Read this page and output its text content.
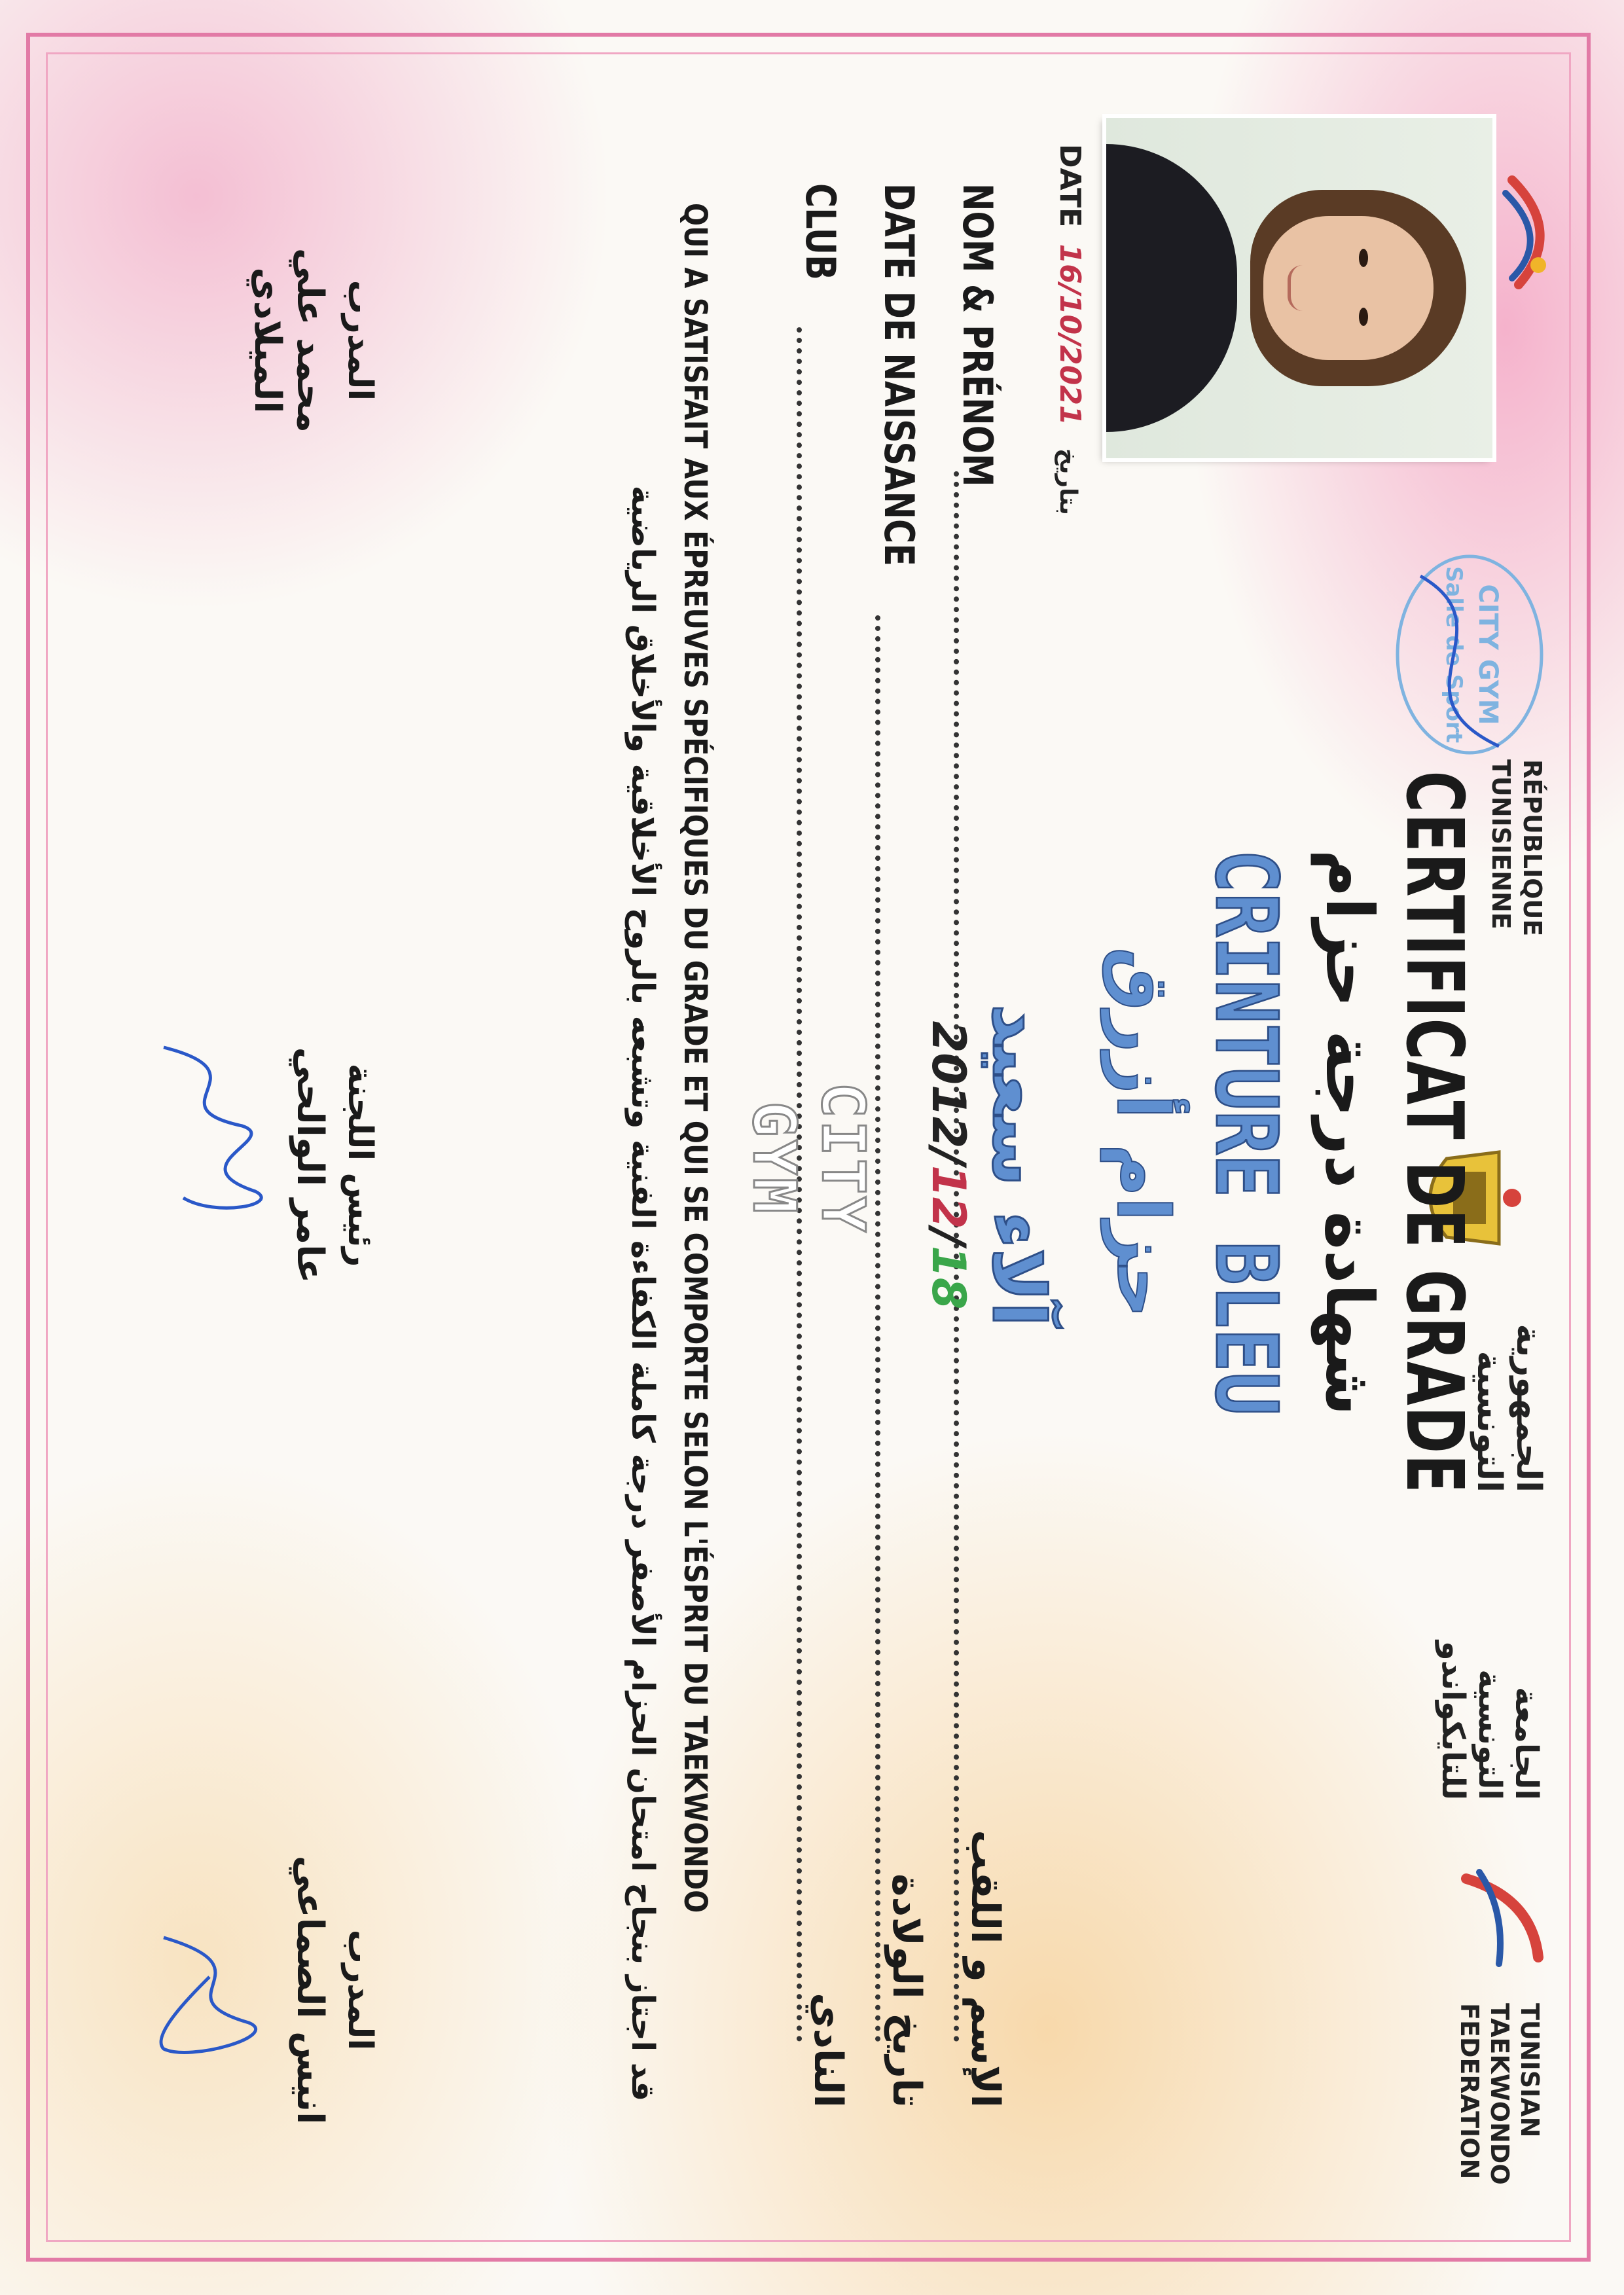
CITY GYM
Salle de Sport
RÉPUBLIQUE TUNISIENNE
الجمهورية التونسية
الجامعة التونسية للتايكواندو
TUNISIAN TAEKWONDO FEDERATION
CERTIFICAT DE GRADE
شهادة درجة حزام
CRINTURE BLEU
حزام أزرق
DATE 16/10/2021 بتاريخ
NOM & PRÉNOM
آلاء سعيد
الإسم و اللقب
DATE DE NAISSANCE
2012/12/18
تاريخ الولادة
CLUB
CITY GYM
النادي
QUI A SATISFAIT AUX ÉPREUVES SPÉCIFIQUES DU GRADE ET QUI SE COMPORTE SELON L'ÉSPRIT DU TAEKWONDO
قد اجتاز بنجاح امتحان الحزام الأصفر درجة كاملة الكفاءة الفنية وتشبعه بالروح الأخلاقية والأخلاق الرياضية
المدرب
محمد علي الميلادي
رئيس اللجنة
عامر الوالحي
المدرب
انيس الصماعي
